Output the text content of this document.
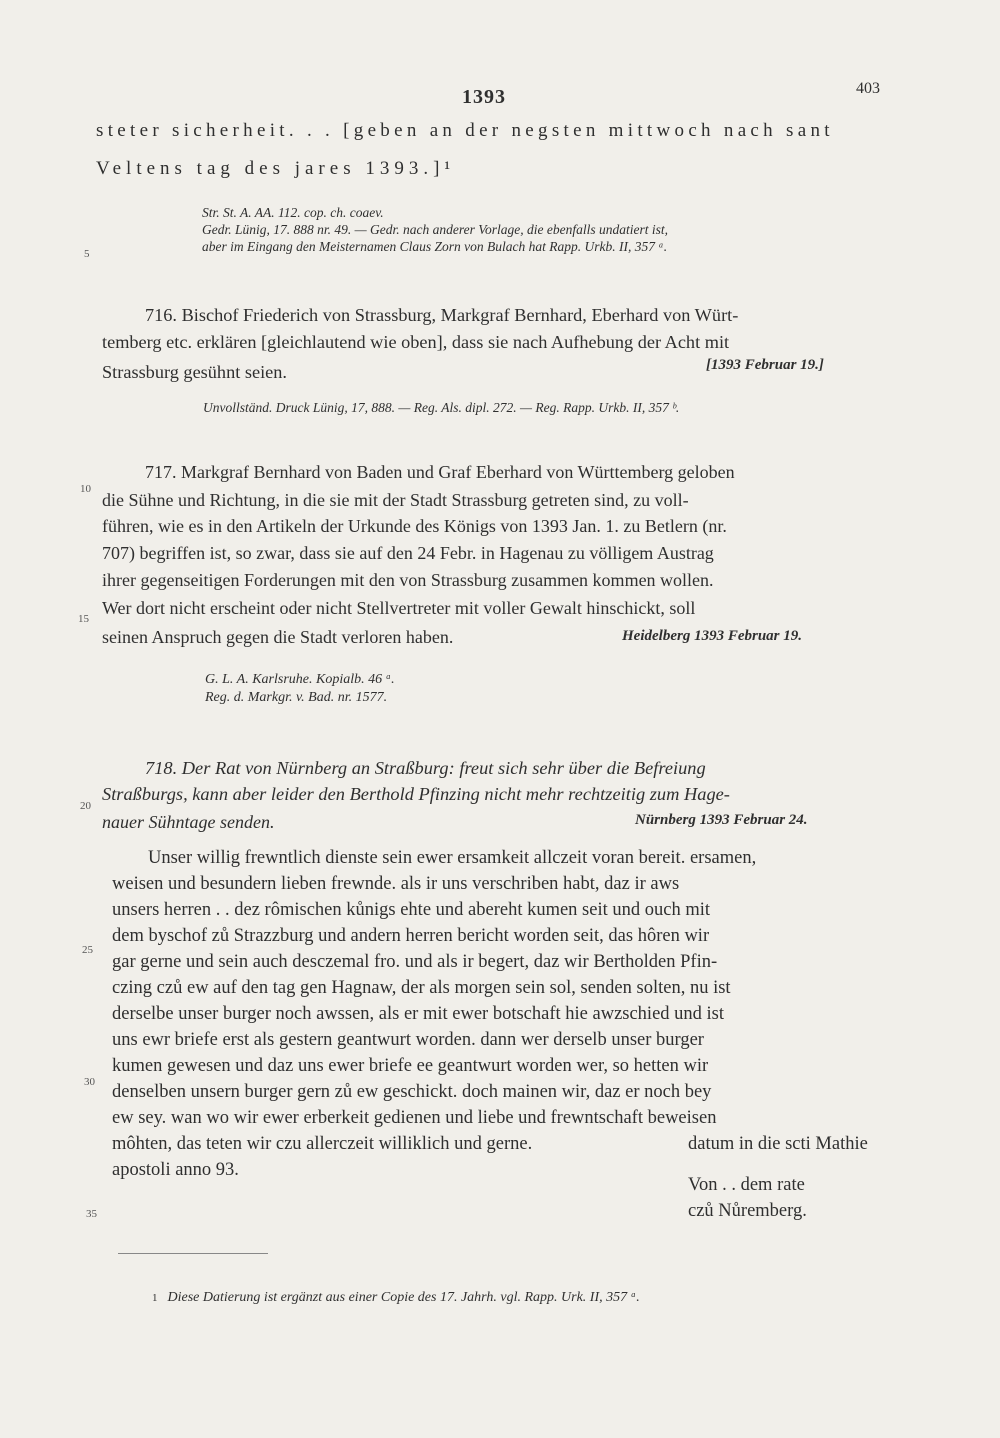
1393	403
steter sicherheit. . . [geben an der negsten mittwoch nach sant
Veltens tag des jares 1393.]¹
Str. St. A. AA. 112. cop. ch. coaev.
Gedr. Lünig, 17. 888 nr. 49. — Gedr. nach anderer Vorlage, die ebenfalls undatiert ist,
aber im Eingang den Meisternamen Claus Zorn von Bulach hat Rapp. Urkb. II, 357 ᵃ.
716. Bischof Friederich von Strassburg, Markgraf Bernhard, Eberhard von Würt-
temberg etc. erklären [gleichlautend wie oben], dass sie nach Aufhebung der Acht mit
Strassburg gesühnt seien.	[1393 Februar 19.]
Unvollständ. Druck Lünig, 17, 888. — Reg. Als. dipl. 272. — Reg. Rapp. Urkb. II, 357 ᵇ.
717. Markgraf Bernhard von Baden und Graf Eberhard von Württemberg geloben
die Sühne und Richtung, in die sie mit der Stadt Strassburg getreten sind, zu voll-
führen, wie es in den Artikeln der Urkunde des Königs von 1393 Jan. 1. zu Betlern (nr.
707) begriffen ist, so zwar, dass sie auf den 24 Febr. in Hagenau zu völligem Austrag
ihrer gegenseitigen Forderungen mit den von Strassburg zusammen kommen wollen.
Wer dort nicht erscheint oder nicht Stellvertreter mit voller Gewalt hinschickt, soll
seinen Anspruch gegen die Stadt verloren haben.	Heidelberg 1393 Februar 19.
G. L. A. Karlsruhe. Kopialb. 46 ᵃ.
Reg. d. Markgr. v. Bad. nr. 1577.
718. Der Rat von Nürnberg an Straßburg: freut sich sehr über die Befreiung
Straßburgs, kann aber leider den Berthold Pfinzing nicht mehr rechtzeitig zum Hage-
nauer Sühntage senden.	Nürnberg 1393 Februar 24.
Unser willig frewntlich dienste sein ewer ersamkeit allczeit voran bereit. ersamen,
weisen und besundern lieben frewnde. als ir uns verschriben habt, daz ir aws
unsers herren . . dez rômischen kůnigs ehte und abereht kumen seit und ouch mit
dem byschof zů Strazzburg und andern herren bericht worden seit, das hôren wir
gar gerne und sein auch desczemal fro. und als ir begert, daz wir Bertholden Pfin-
czing czů ew auf den tag gen Hagnaw, der als morgen sein sol, senden solten, nu ist
derselbe unser burger noch awssen, als er mit ewer botschaft hie awzschied und ist
uns ewr briefe erst als gestern geantwurt worden. dann wer derselb unser burger
kumen gewesen und daz uns ewer briefe ee geantwurt worden wer, so hetten wir
denselben unsern burger gern zů ew geschickt. doch mainen wir, daz er noch bey
ew sey. wan wo wir ewer erberkeit gedienen und liebe und frewntschaft beweisen
môhten, das teten wir czu allerczeit williklich und gerne.	datum in die scti Mathie
apostoli anno 93.
Von . . dem rate
czů Nůremberg.
5
10
15
20
25
30
35
1 Diese Datierung ist ergänzt aus einer Copie des 17. Jahrh. vgl. Rapp. Urk. II, 357 ᵃ.
